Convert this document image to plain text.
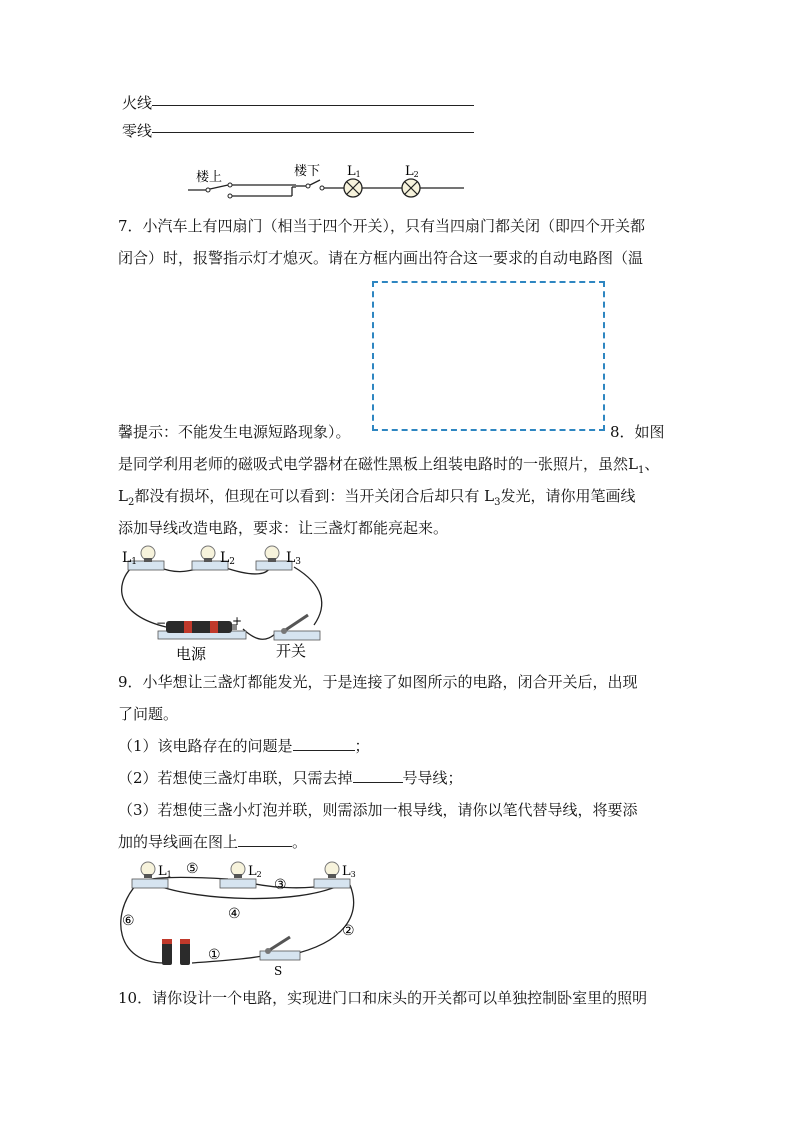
火线
零线
楼上	楼下 L1	L2
7．小汽车上有四扇门（相当于四个开关），只有当四扇门都关闭（即四个开关都
闭合）时，报警指示灯才熄灭。请在方框内画出符合这一要求的自动电路图（温
馨提示：不能发生电源短路现象）。	8．如图
是同学利用老师的磁吸式电学器材在磁性黑板上组装电路时的一张照片，虽然$L_1$、
$L_2$都没有损坏，但现在可以看到：当开关闭合后却只有 $L_3$发光，请你用笔画线
添加导线改造电路，要求：让三盏灯都能亮起来。
L1	L2	L3
−	+
电源	开关
9．小华想让三盏灯都能发光，于是连接了如图所示的电路，闭合开关后，出现
了问题。
（1）该电路存在的问题是	；
（2）若想使三盏灯串联，只需去掉	号导线；
（3）若想使三盏小灯泡并联，则需添加一根导线，请你以笔代替导线，将要添
加的导线画在图上	。
L1	L2	L3
⑤
③
④
⑥
①
②
S
10．请你设计一个电路，实现进门口和床头的开关都可以单独控制卧室里的照明
